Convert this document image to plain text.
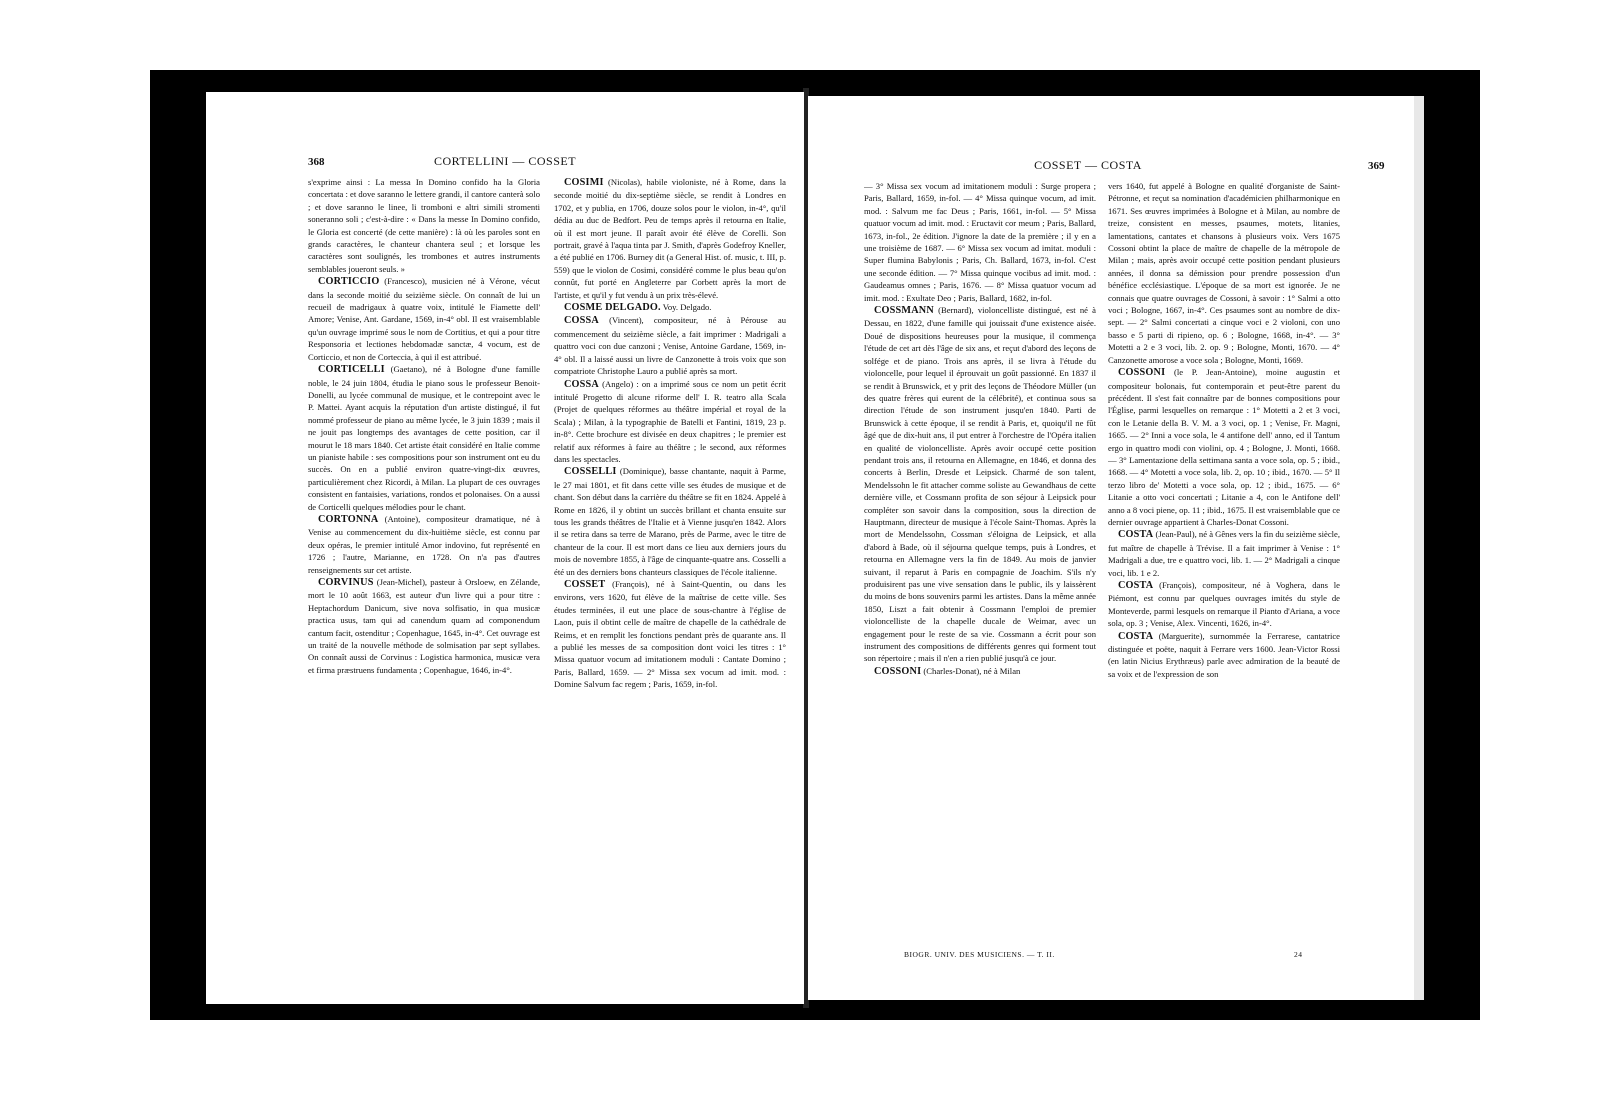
368	CORTELLINI — COSSET

s'exprime ainsi : La messa In Domino confido ha la Gloria concertata : et dove saranno le lettere grandi, il cantore canterà solo ; et dove saranno le linee, li tromboni e altri simili stromenti soneranno soli ; c'est-à-dire : « Dans la messe In Domino confido, le Gloria est concerté (de cette manière) : là où les paroles sont en grands caractères, le chanteur chantera seul ; et lorsque les caractères sont soulignés, les trombones et autres instruments semblables joueront seuls. »

CORTICCIO (Francesco), musicien né à Vérone, vécut dans la seconde moitié du seizième siècle. On connaît de lui un recueil de madrigaux à quatre voix, intitulé le Fiamette dell' Amore; Venise, Ant. Gardane, 1569, in-4° obl. Il est vraisemblable qu'un ouvrage imprimé sous le nom de Cortitius, et qui a pour titre Responsoria et lectiones hebdomadæ sanctæ, 4 vocum, est de Corticcio, et non de Corteccia, à qui il est attribué.

CORTICELLI (Gaetano), né à Bologne d'une famille noble, le 24 juin 1804, étudia le piano sous le professeur Benoit-Donelli, au lycée communal de musique, et le contrepoint avec le P. Mattei. Ayant acquis la réputation d'un artiste distingué, il fut nommé professeur de piano au même lycée, le 3 juin 1839 ; mais il ne jouit pas longtemps des avantages de cette position, car il mourut le 18 mars 1840. Cet artiste était considéré en Italie comme un pianiste habile : ses compositions pour son instrument ont eu du succès. On en a publié environ quatre-vingt-dix œuvres, particulièrement chez Ricordi, à Milan. La plupart de ces ouvrages consistent en fantaisies, variations, rondos et polonaises. On a aussi de Corticelli quelques mélodies pour le chant.

CORTONNA (Antoine), compositeur dramatique, né à Venise au commencement du dix-huitième siècle, est connu par deux opéras, le premier intitulé Amor indovino, fut représenté en 1726 ; l'autre, Marianne, en 1728. On n'a pas d'autres renseignements sur cet artiste.

CORVINUS (Jean-Michel), pasteur à Orsloew, en Zélande, mort le 10 août 1663, est auteur d'un livre qui a pour titre : Heptachordum Danicum, sive nova solfisatio, in qua musicæ practica usus, tam qui ad canendum quam ad componendum cantum facit, ostenditur ; Copenhague, 1645, in-4°. Cet ouvrage est un traité de la nouvelle méthode de solmisation par sept syllabes. On connaît aussi de Corvinus : Logistica harmonica, musicæ vera et firma præstruens fundamenta ; Copenhague, 1646, in-4°.

COSIMI (Nicolas), habile violoniste, né à Rome, dans la seconde moitié du dix-septième siècle, se rendit à Londres en 1702, et y publia, en 1706, douze solos pour le violon, in-4°, qu'il dédia au duc de Bedfort. Peu de temps après il retourna en Italie, où il est mort jeune. Il paraît avoir été élève de Corelli. Son portrait, gravé à l'aqua tinta par J. Smith, d'après Godefroy Kneller, a été publié en 1706. Burney dit (a General Hist. of. music, t. III, p. 559) que le violon de Cosimi, considéré comme le plus beau qu'on connût, fut porté en Angleterre par Corbett après la mort de l'artiste, et qu'il y fut vendu à un prix très-élevé.

COSME DELGADO. Voy. Delgado.

COSSA (Vincent), compositeur, né à Pérouse au commencement du seizième siècle, a fait imprimer : Madrigali a quattro voci con due canzoni ; Venise, Antoine Gardane, 1569, in-4° obl. Il a laissé aussi un livre de Canzonette à trois voix que son compatriote Christophe Lauro a publié après sa mort.

COSSA (Angelo) : on a imprimé sous ce nom un petit écrit intitulé Progetto di alcune riforme dell' I. R. teatro alla Scala (Projet de quelques réformes au théâtre impérial et royal de la Scala) ; Milan, à la typographie de Batelli et Fantini, 1819, 23 p. in-8°. Cette brochure est divisée en deux chapitres ; le premier est relatif aux réformes à faire au théâtre ; le second, aux réformes dans les spectacles.

COSSELLI (Dominique), basse chantante, naquit à Parme, le 27 mai 1801, et fit dans cette ville ses études de musique et de chant. Son début dans la carrière du théâtre se fit en 1824. Appelé à Rome en 1826, il y obtint un succès brillant et chanta ensuite sur tous les grands théâtres de l'Italie et à Vienne jusqu'en 1842. Alors il se retira dans sa terre de Marano, près de Parme, avec le titre de chanteur de la cour. Il est mort dans ce lieu aux derniers jours du mois de novembre 1855, à l'âge de cinquante-quatre ans. Cosselli a été un des derniers bons chanteurs classiques de l'école italienne.

COSSET (François), né à Saint-Quentin, ou dans les environs, vers 1620, fut élève de la maîtrise de cette ville. Ses études terminées, il eut une place de sous-chantre à l'église de Laon, puis il obtint celle de maître de chapelle de la cathédrale de Reims, et en remplit les fonctions pendant près de quarante ans. Il a publié les messes de sa composition dont voici les titres : 1° Missa quatuor vocum ad imitationem moduli : Cantate Domino ; Paris, Ballard, 1659. — 2° Missa sex vocum ad imit. mod. : Domine Salvum fac regem ; Paris, 1659, in-fol.

COSSET — COSTA	369

— 3° Missa sex vocum ad imitationem moduli : Surge propera ; Paris, Ballard, 1659, in-fol. — 4° Missa quinque vocum, ad imit. mod. : Salvum me fac Deus ; Paris, 1661, in-fol. — 5° Missa quatuor vocum ad imit. mod. : Eructavit cor meum ; Paris, Ballard, 1673, in-fol., 2e édition. J'ignore la date de la première ; il y en a une troisième de 1687. — 6° Missa sex vocum ad imitat. moduli : Super flumina Babylonis ; Paris, Ch. Ballard, 1673, in-fol. C'est une seconde édition. — 7° Missa quinque vocibus ad imit. mod. : Gaudeamus omnes ; Paris, 1676. — 8° Missa quatuor vocum ad imit. mod. : Exultate Deo ; Paris, Ballard, 1682, in-fol.

COSSMANN (Bernard), violoncelliste distingué, est né à Dessau, en 1822, d'une famille qui jouissait d'une existence aisée. Doué de dispositions heureuses pour la musique, il commença l'étude de cet art dès l'âge de six ans, et reçut d'abord des leçons de solfége et de piano. Trois ans après, il se livra à l'étude du violoncelle, pour lequel il éprouvait un goût passionné. En 1837 il se rendit à Brunswick, et y prit des leçons de Théodore Müller (un des quatre frères qui eurent de la célébrité), et continua sous sa direction l'étude de son instrument jusqu'en 1840. Parti de Brunswick à cette époque, il se rendit à Paris, et, quoiqu'il ne fût âgé que de dix-huit ans, il put entrer à l'orchestre de l'Opéra italien en qualité de violoncelliste. Après avoir occupé cette position pendant trois ans, il retourna en Allemagne, en 1846, et donna des concerts à Berlin, Dresde et Leipsick. Charmé de son talent, Mendelssohn le fit attacher comme soliste au Gewandhaus de cette dernière ville, et Cossmann profita de son séjour à Leipsick pour compléter son savoir dans la composition, sous la direction de Hauptmann, directeur de musique à l'école Saint-Thomas. Après la mort de Mendelssohn, Cossman s'éloigna de Leipsick, et alla d'abord à Bade, où il séjourna quelque temps, puis à Londres, et retourna en Allemagne vers la fin de 1849. Au mois de janvier suivant, il reparut à Paris en compagnie de Joachim. S'ils n'y produisirent pas une vive sensation dans le public, ils y laissèrent du moins de bons souvenirs parmi les artistes. Dans la même année 1850, Liszt a fait obtenir à Cossmann l'emploi de premier violoncelliste de la chapelle ducale de Weimar, avec un engagement pour le reste de sa vie. Cossmann a écrit pour son instrument des compositions de différents genres qui forment tout son répertoire ; mais il n'en a rien publié jusqu'à ce jour.

COSSONI (Charles-Donat), né à Milan

vers 1640, fut appelé à Bologne en qualité d'organiste de Saint-Pétronne, et reçut sa nomination d'académicien philharmonique en 1671. Ses œuvres imprimées à Bologne et à Milan, au nombre de treize, consistent en messes, psaumes, motets, litanies, lamentations, cantates et chansons à plusieurs voix. Vers 1675 Cossoni obtint la place de maître de chapelle de la métropole de Milan ; mais, après avoir occupé cette position pendant plusieurs années, il donna sa démission pour prendre possession d'un bénéfice ecclésiastique. L'époque de sa mort est ignorée. Je ne connais que quatre ouvrages de Cossoni, à savoir : 1° Salmi a otto voci ; Bologne, 1667, in-4°. Ces psaumes sont au nombre de dix-sept. — 2° Salmi concertati a cinque voci e 2 violoni, con uno basso e 5 parti di ripieno, op. 6 ; Bologne, 1668, in-4°. — 3° Motetti a 2 e 3 voci, lib. 2. op. 9 ; Bologne, Monti, 1670. — 4° Canzonette amorose a voce sola ; Bologne, Monti, 1669.

COSSONI (le P. Jean-Antoine), moine augustin et compositeur bolonais, fut contemporain et peut-être parent du précédent. Il s'est fait connaître par de bonnes compositions pour l'Église, parmi lesquelles on remarque : 1° Motetti a 2 et 3 voci, con le Letanie della B. V. M. a 3 voci, op. 1 ; Venise, Fr. Magni, 1665. — 2° Inni a voce sola, le 4 antifone dell' anno, ed il Tantum ergo in quattro modi con violini, op. 4 ; Bologne, J. Monti, 1668. — 3° Lamentazione della settimana santa a voce sola, op. 5 ; ibid., 1668. — 4° Motetti a voce sola, lib. 2, op. 10 ; ibid., 1670. — 5° Il terzo libro de' Motetti a voce sola, op. 12 ; ibid., 1675. — 6° Litanie a otto voci concertati ; Litanie a 4, con le Antifone dell' anno a 8 voci piene, op. 11 ; ibid., 1675. Il est vraisemblable que ce dernier ouvrage appartient à Charles-Donat Cossoni.

COSTA (Jean-Paul), né à Gênes vers la fin du seizième siècle, fut maître de chapelle à Trévise. Il a fait imprimer à Venise : 1° Madrigali a due, tre e quattro voci, lib. 1. — 2° Madrigali a cinque voci, lib. 1 e 2.

COSTA (François), compositeur, né à Voghera, dans le Piémont, est connu par quelques ouvrages imités du style de Monteverde, parmi lesquels on remarque il Pianto d'Ariana, a voce sola, op. 3 ; Venise, Alex. Vincenti, 1626, in-4°.

COSTA (Marguerite), surnommée la Ferrarese, cantatrice distinguée et poëte, naquit à Ferrare vers 1600. Jean-Victor Rossi (en latin Nicius Erythræus) parle avec admiration de la beauté de sa voix et de l'expression de son

BIOGR. UNIV. DES MUSICIENS. — T. II.	24
